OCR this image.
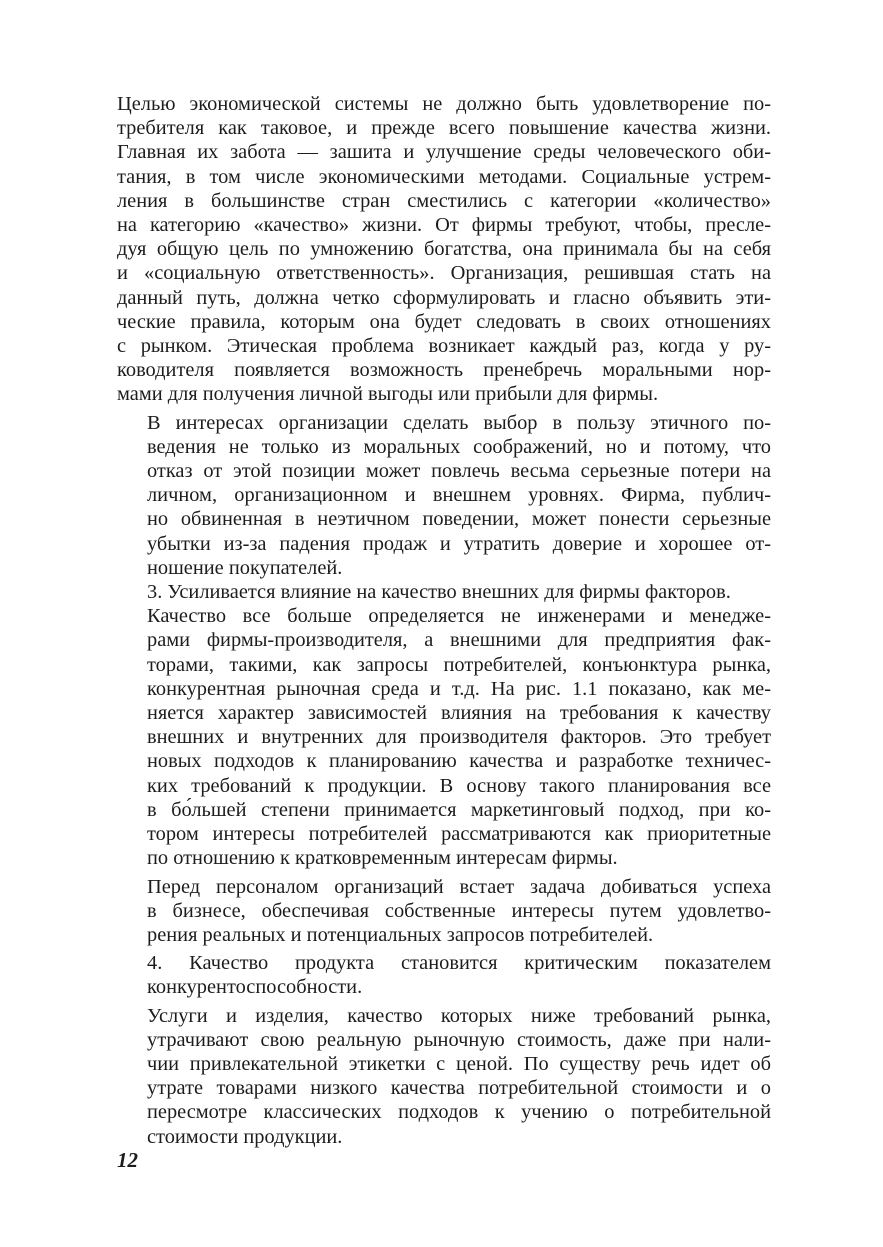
Целью экономической системы не должно быть удовлетворение по-
требителя как таковое, и прежде всего повышение качества жизни.
Главная их забота — зашита и улучшение среды человеческого оби-
тания, в том числе экономическими методами. Социальные устрем-
ления в большинстве стран сместились с категории «количество»
на категорию «качество» жизни. От фирмы требуют, чтобы, пресле-
дуя общую цель по умножению богатства, она принимала бы на себя
и «социальную ответственность». Организация, решившая стать на
данный путь, должна четко сформулировать и гласно объявить эти-
ческие правила, которым она будет следовать в своих отношениях
с рынком. Этическая проблема возникает каждый раз, когда у ру-
ководителя появляется возможность пренебречь моральными нор-
мами для получения личной выгоды или прибыли для фирмы.

В интересах организации сделать выбор в пользу этичного по-
ведения не только из моральных соображений, но и потому, что
отказ от этой позиции может повлечь весьма серьезные потери на
личном, организационном и внешнем уровнях. Фирма, публич-
но обвиненная в неэтичном поведении, может понести серьезные
убытки из-за падения продаж и утратить доверие и хорошее от-
ношение покупателей.

3. Усиливается влияние на качество внешних для фирмы факторов.

Качество все больше определяется не инженерами и менедже-
рами фирмы-производителя, а внешними для предприятия фак-
торами, такими, как запросы потребителей, конъюнктура рынка,
конкурентная рыночная среда и т.д. На рис. 1.1 показано, как ме-
няется характер зависимостей влияния на требования к качеству
внешних и внутренних для производителя факторов. Это требует
новых подходов к планированию качества и разработке техничес-
ких требований к продукции. В основу такого планирования все
в бо́льшей степени принимается маркетинговый подход, при ко-
тором интересы потребителей рассматриваются как приоритетные
по отношению к кратковременным интересам фирмы.

Перед персоналом организаций встает задача добиваться успеха
в бизнесе, обеспечивая собственные интересы путем удовлетво-
рения реальных и потенциальных запросов потребителей.

4. Качество продукта становится критическим показателем
конкурентоспособности.

Услуги и изделия, качество которых ниже требований рынка,
утрачивают свою реальную рыночную стоимость, даже при нали-
чии привлекательной этикетки с ценой. По существу речь идет об
утрате товарами низкого качества потребительной стоимости и о
пересмотре классических подходов к учению о потребительной
стоимости продукции.

12
